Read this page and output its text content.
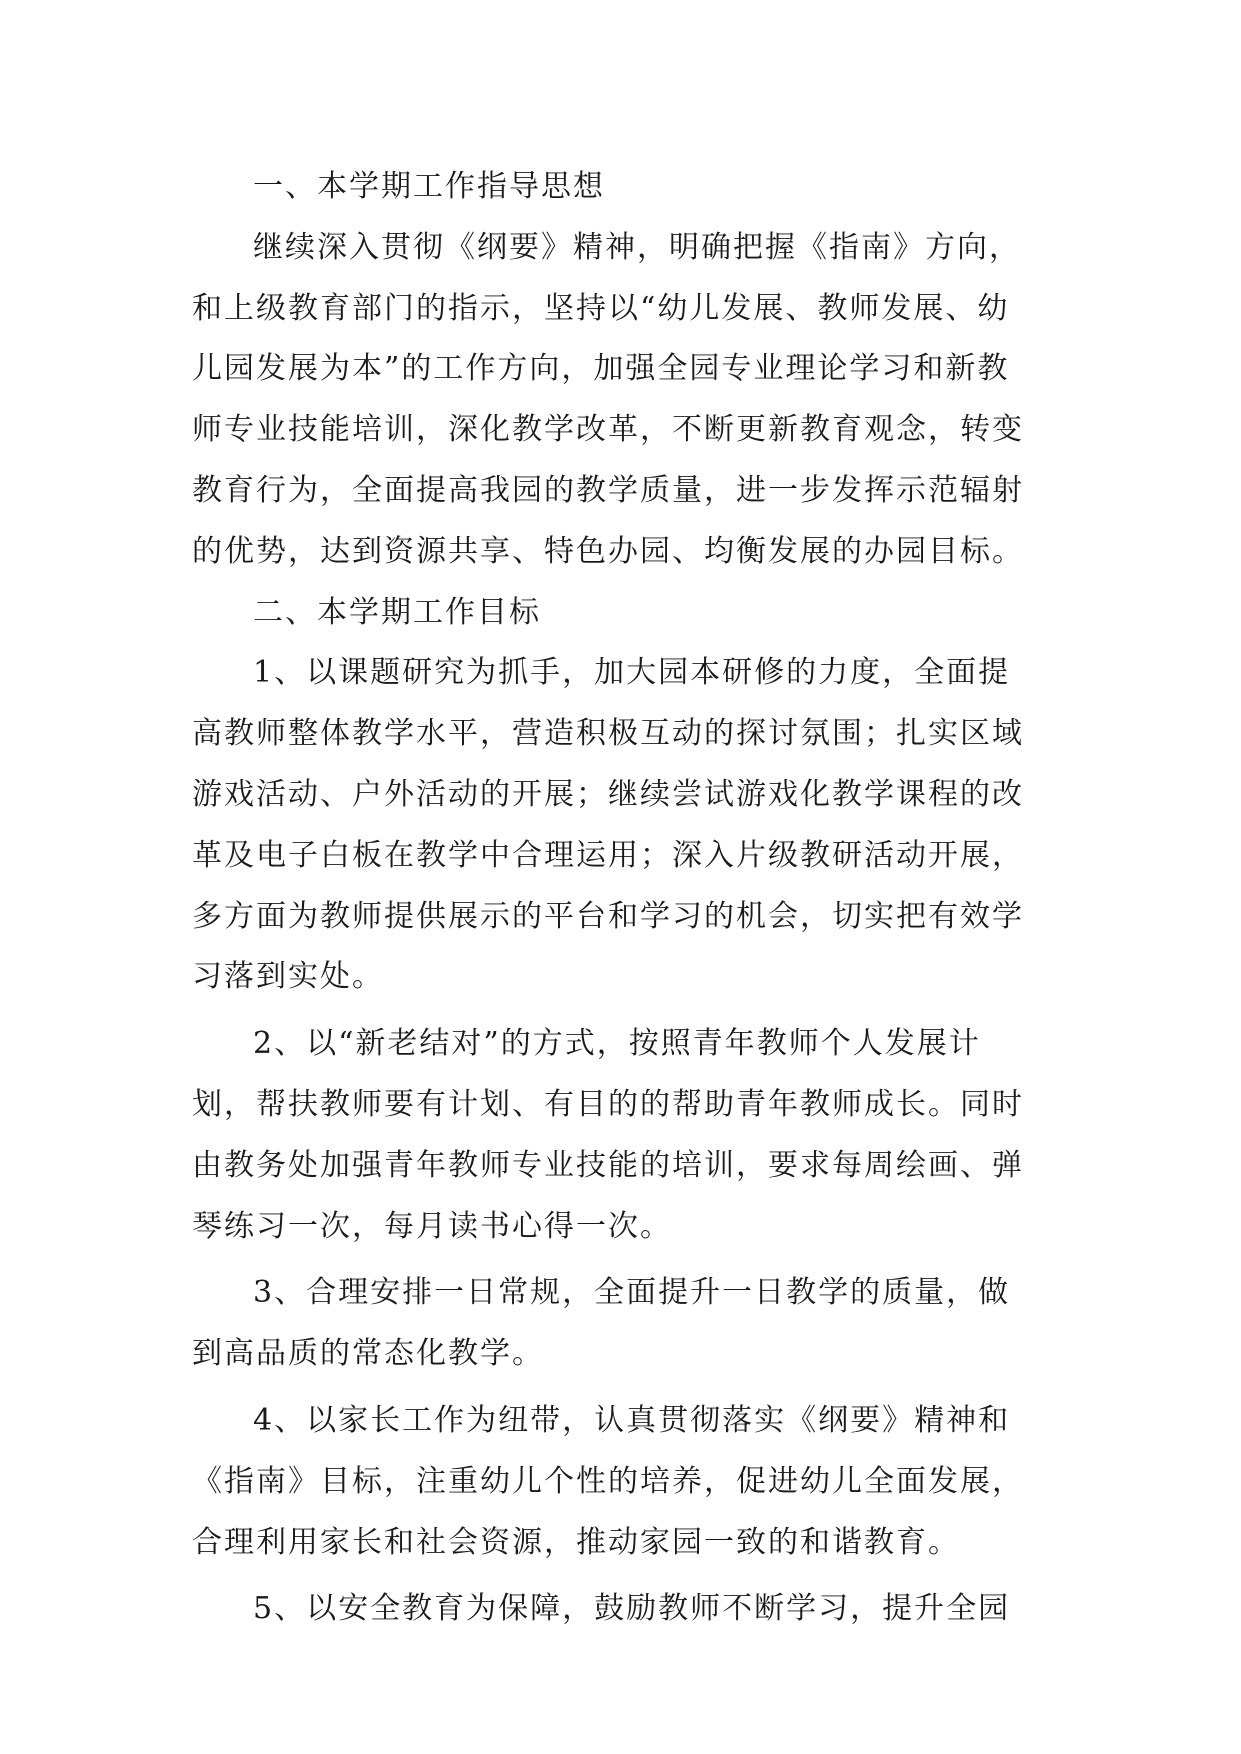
一、本学期工作指导思想
继续深入贯彻《纲要》精神，明确把握《指南》方向，
和上级教育部门的指示，坚持以“幼儿发展、教师发展、幼
儿园发展为本”的工作方向，加强全园专业理论学习和新教
师专业技能培训，深化教学改革，不断更新教育观念，转变
教育行为，全面提高我园的教学质量，进一步发挥示范辐射
的优势，达到资源共享、特色办园、均衡发展的办园目标。
二、本学期工作目标
1、以课题研究为抓手，加大园本研修的力度，全面提
高教师整体教学水平，营造积极互动的探讨氛围；扎实区域
游戏活动、户外活动的开展；继续尝试游戏化教学课程的改
革及电子白板在教学中合理运用；深入片级教研活动开展，
多方面为教师提供展示的平台和学习的机会，切实把有效学
习落到实处。
2、以“新老结对”的方式，按照青年教师个人发展计
划，帮扶教师要有计划、有目的的帮助青年教师成长。同时
由教务处加强青年教师专业技能的培训，要求每周绘画、弹
琴练习一次，每月读书心得一次。
3、合理安排一日常规，全面提升一日教学的质量，做
到高品质的常态化教学。
4、以家长工作为纽带，认真贯彻落实《纲要》精神和
《指南》目标，注重幼儿个性的培养，促进幼儿全面发展，
合理利用家长和社会资源，推动家园一致的和谐教育。
5、以安全教育为保障，鼓励教师不断学习，提升全园
